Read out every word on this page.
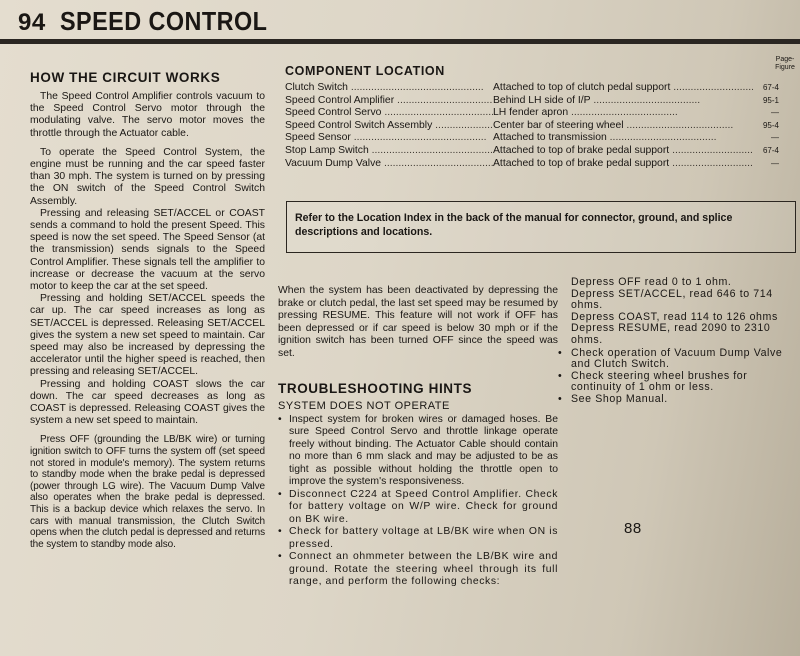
94 SPEED CONTROL
HOW THE CIRCUIT WORKS

The Speed Control Amplifier controls vacuum to the Speed Control Servo motor through the modulating valve. The servo motor moves the throttle through the Actuator cable.

To operate the Speed Control System, the engine must be running and the car speed faster than 30 mph. The system is turned on by pressing the ON switch of the Speed Control Switch Assembly.

Pressing and releasing SET/ACCEL or COAST sends a command to hold the present Speed. This speed is now the set speed. The Speed Sensor (at the transmission) sends signals to the Speed Control Amplifier. These signals tell the amplifier to increase or decrease the vacuum at the servo motor to keep the car at the set speed.

Pressing and holding SET/ACCEL speeds the car up. The car speed increases as long as SET/ACCEL is depressed. Releasing SET/ACCEL gives the system a new set speed to maintain. Car speed may also be increased by depressing the accelerator until the higher speed is reached, then pressing and releasing SET/ACCEL.

Pressing and holding COAST slows the car down. The car speed decreases as long as COAST is depressed. Releasing COAST gives the system a new set speed to maintain.

Press OFF (grounding the LB/BK wire) or turning ignition switch to OFF turns the system off (set speed not stored in module's memory). The system returns to standby mode when the brake pedal is depressed (power through LG wire). The Vacuum Dump Valve also operates when the brake pedal is depressed. This is a backup device which relaxes the servo. In cars with manual transmission, the Clutch Switch opens when the clutch pedal is depressed and returns the system to standby mode also.

Page-Figure
COMPONENT LOCATION
Clutch Switch .....	Attached to top of clutch pedal support .....	67-4
Speed Control Amplifier .....	Behind LH side of I/P .....	95-1
Speed Control Servo .....	LH fender apron .....	—
Speed Control Switch Assembly .....	Center bar of steering wheel .....	95-4
Speed Sensor .....	Attached to transmission .....	—
Stop Lamp Switch .....	Attached to top of brake pedal support .....	67-4
Vacuum Dump Valve .....	Attached to top of brake pedal support .....	—
Refer to the Location Index in the back of the manual for connector, ground, and splice descriptions and locations.

When the system has been deactivated by depressing the brake or clutch pedal, the last set speed may be resumed by pressing RESUME. This feature will not work if OFF has been depressed or if car speed is below 30 mph or if the ignition switch has been turned OFF since the speed was set.

TROUBLESHOOTING HINTS
SYSTEM DOES NOT OPERATE
• Inspect system for broken wires or damaged hoses. Be sure Speed Control Servo and throttle linkage operate freely without binding. The Actuator Cable should contain no more than 6 mm slack and may be adjusted to be as tight as possible without holding the throttle open to improve the system's responsiveness.
• Disconnect C224 at Speed Control Amplifier. Check for battery voltage on W/P wire. Check for ground on BK wire.
• Check for battery voltage at LB/BK wire when ON is pressed.
• Connect an ohmmeter between the LB/BK wire and ground. Rotate the steering wheel through its full range, and perform the following checks:
Depress OFF read 0 to 1 ohm.
Depress SET/ACCEL, read 646 to 714
ohms.
Depress COAST, read 114 to 126 ohms
Depress RESUME, read 2090 to 2310
ohms.
• Check operation of Vacuum Dump Valve and Clutch Switch.
• Check steering wheel brushes for continuity of 1 ohm or less.
• See Shop Manual.
88
